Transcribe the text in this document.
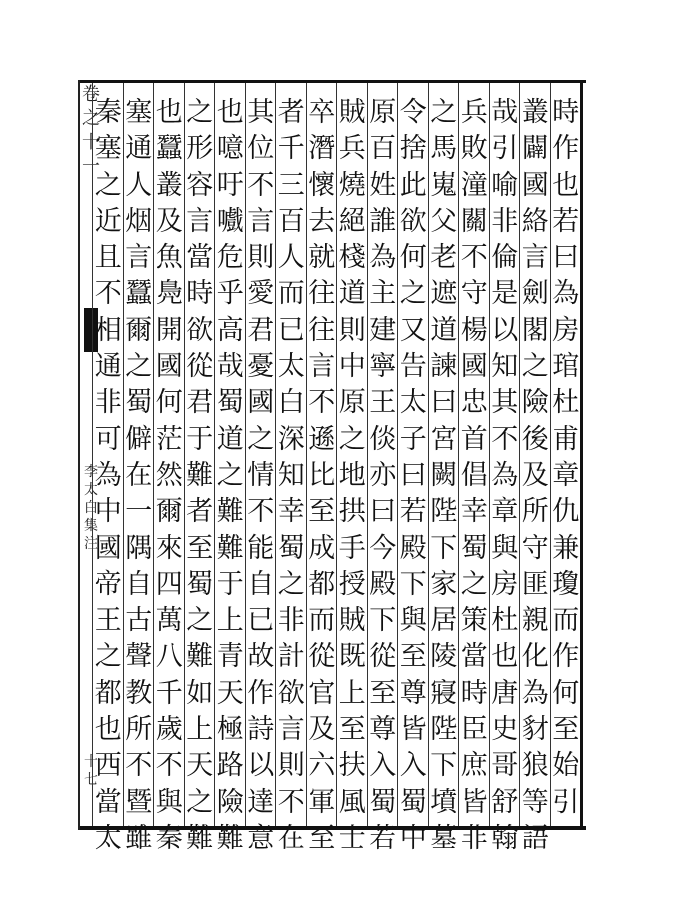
卷 之 十 一
李太白集注
十七
時作也若曰為房琯杜甫章仇兼瓊而作何至始引
叢闢國絡言劍閣之險後及所守匪親化為豺狼等語
哉引喻非倫是以知其不為章與房杜也唐史哥舒翰
兵敗潼關不守楊國忠首倡幸蜀之策當時臣庶皆非
之馬嵬父老遮道諫曰宮闕陛下家居陵寢陛下墳墓
令捨此欲何之又告太子曰若殿下與至尊皆入蜀中
原百姓誰為主建寧王倓亦曰今殿下從至尊入蜀若
賊兵燒絕棧道則中原之地拱手授賊既上至扶風士
卒潛懷去就往往言不遜比至成都而從官及六軍至
者千三百人而已太白深知幸蜀之非計欲言則不在
其位不言則愛君憂國之情不能自已故作詩以達意
也噫吁嚱危乎高哉蜀道之難難于上青天極路險難
之形容言當時欲從君于難者至蜀之難如上天之難
也蠶叢及魚鳧開國何茫然爾來四萬八千歲不與秦
塞通人烟言蠶爾之蜀僻在一隅自古聲教所不暨雖
秦塞之近且不相通非可為中國帝王之都也西當太
